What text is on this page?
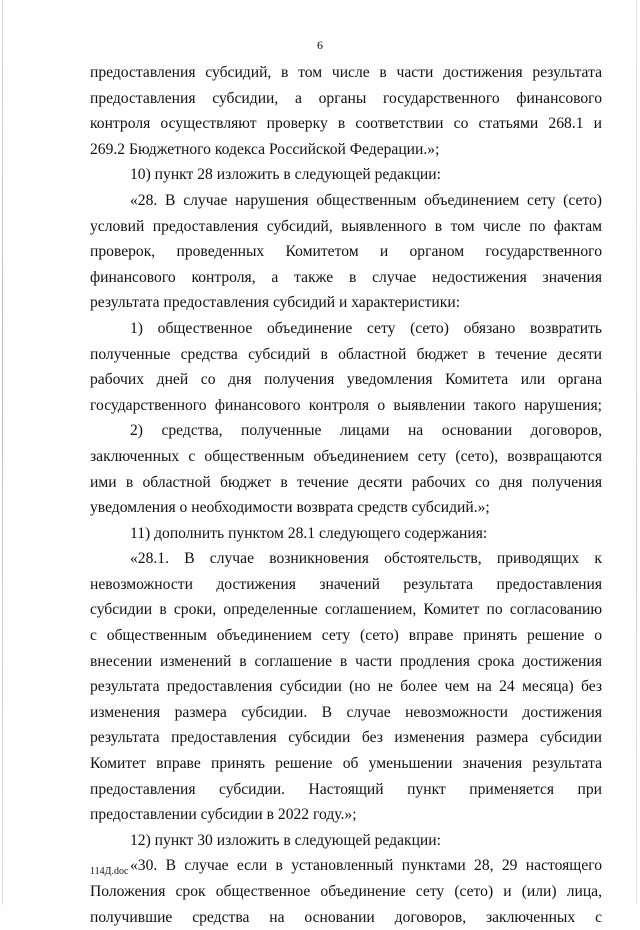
6
предоставления субсидий, в том числе в части достижения результата
предоставления субсидии, а органы государственного финансового
контроля осуществляют проверку в соответствии со статьями 268.1 и
269.2 Бюджетного кодекса Российской Федерации.»;
10) пункт 28 изложить в следующей редакции:
«28. В случае нарушения общественным объединением сету (сето)
условий предоставления субсидий, выявленного в том числе по фактам
проверок, проведенных Комитетом и органом государственного
финансового контроля, а также в случае недостижения значения
результата предоставления субсидий и характеристики:
1) общественное объединение сету (сето) обязано возвратить
полученные средства субсидий в областной бюджет в течение десяти
рабочих дней со дня получения уведомления Комитета или органа
государственного финансового контроля о выявлении такого нарушения;
2) средства, полученные лицами на основании договоров,
заключенных с общественным объединением сету (сето), возвращаются
ими в областной бюджет в течение десяти рабочих со дня получения
уведомления о необходимости возврата средств субсидий.»;
11) дополнить пунктом 28.1 следующего содержания:
«28.1. В случае возникновения обстоятельств, приводящих к
невозможности достижения значений результата предоставления
субсидии в сроки, определенные соглашением, Комитет по согласованию
с общественным объединением сету (сето) вправе принять решение о
внесении изменений в соглашение в части продления срока достижения
результата предоставления субсидии (но не более чем на 24 месяца) без
изменения размера субсидии. В случае невозможности достижения
результата предоставления субсидии без изменения размера субсидии
Комитет вправе принять решение об уменьшении значения результата
предоставления субсидии. Настоящий пункт применяется при
предоставлении субсидии в 2022 году.»;
12) пункт 30 изложить в следующей редакции:
«30. В случае если в установленный пунктами 28, 29 настоящего
Положения срок общественное объединение сету (сето) и (или) лица,
получившие средства на основании договоров, заключенных с
114Д.doc
